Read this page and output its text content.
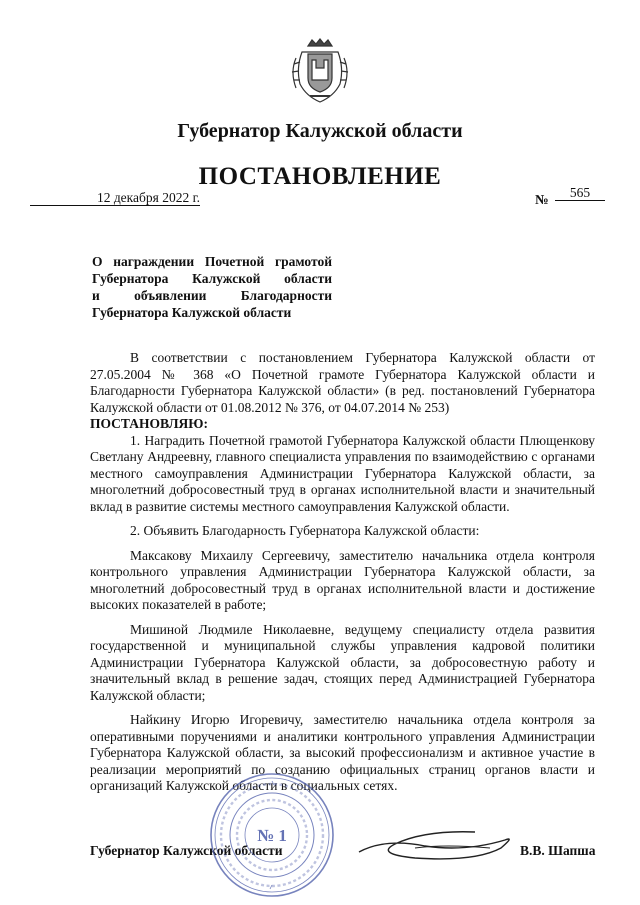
Губернатор Калужской области
ПОСТАНОВЛЕНИЕ
12 декабря 2022 г.	№	565
О награждении Почетной грамотой
Губернатора Калужской области
и объявлении Благодарности
Губернатора Калужской области

В соответствии с постановлением Губернатора Калужской области от 27.05.2004 № 368 «О Почетной грамоте Губернатора Калужской области и Благодарности Губернатора Калужской области» (в ред. постановлений Губернатора Калужской области от 01.08.2012 № 376, от 04.07.2014 № 253)

ПОСТАНОВЛЯЮ:

1. Наградить Почетной грамотой Губернатора Калужской области Плющенкову Светлану Андреевну, главного специалиста управления по взаимодействию с органами местного самоуправления Администрации Губернатора Калужской области, за многолетний добросовестный труд в органах исполнительной власти и значительный вклад в развитие системы местного самоуправления Калужской области.

2. Объявить Благодарность Губернатора Калужской области:

Максакову Михаилу Сергеевичу, заместителю начальника отдела контроля контрольного управления Администрации Губернатора Калужской области, за многолетний добросовестный труд в органах исполнительной власти и достижение высоких показателей в работе;

Мишиной Людмиле Николаевне, ведущему специалисту отдела развития государственной и муниципальной службы управления кадровой политики Администрации Губернатора Калужской области, за добросовестную работу и значительный вклад в решение задач, стоящих перед Администрацией Губернатора Калужской области;

Найкину Игорю Игоревичу, заместителю начальника отдела контроля за оперативными поручениями и аналитики контрольного управления Администрации Губернатора Калужской области, за высокий профессионализм и активное участие в реализации мероприятий по созданию официальных страниц органов власти и организаций Калужской области в социальных сетях.

Губернатор Калужской области	В.В. Шапша
№ 1
